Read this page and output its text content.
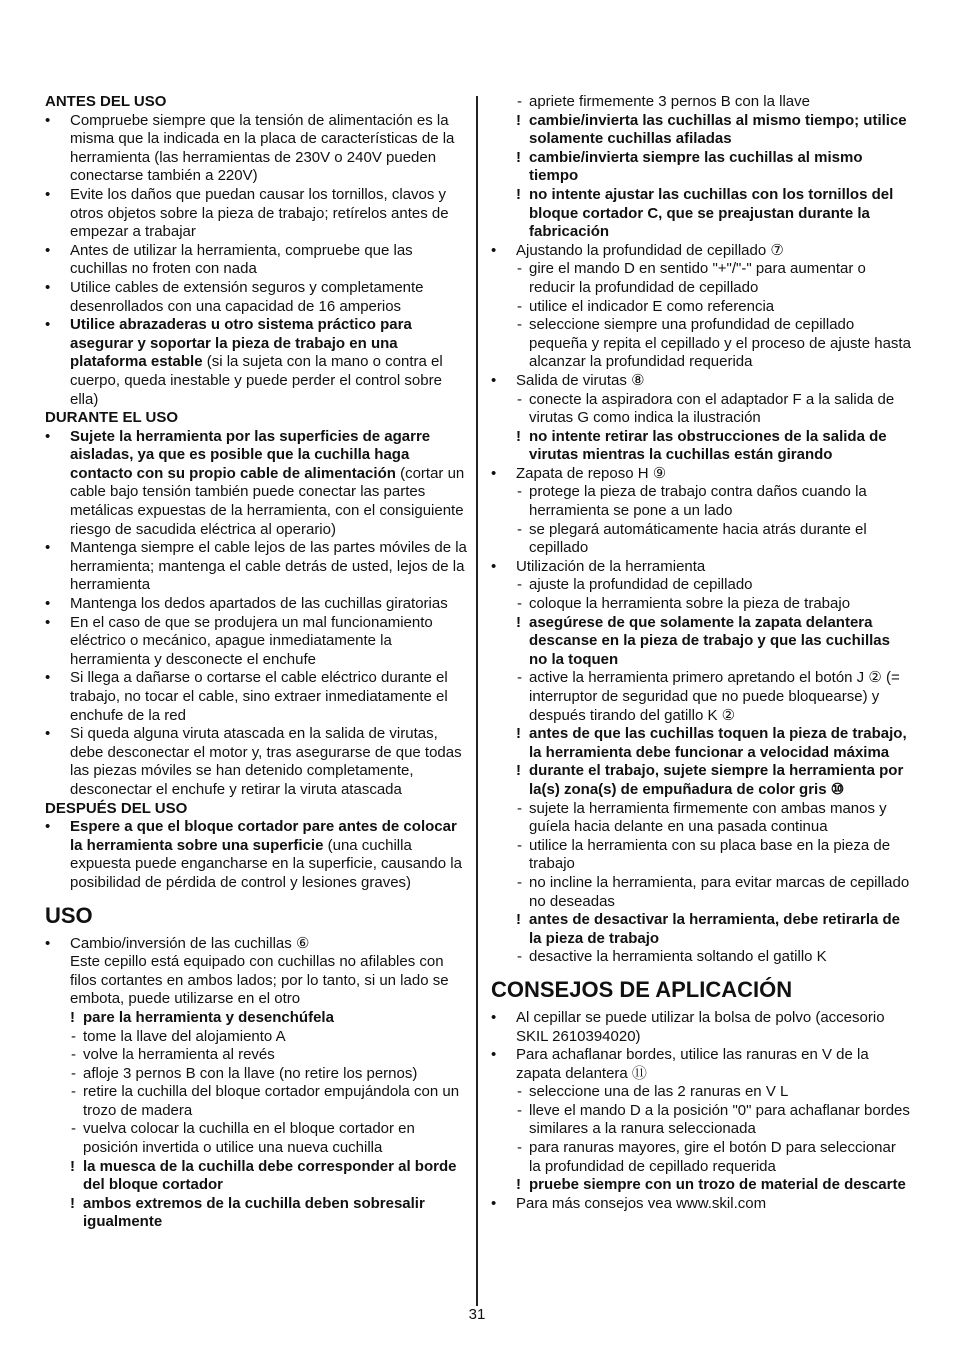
ANTES DEL USO
• Compruebe siempre que la tensión de alimentación es la misma que la indicada en la placa de características de la herramienta (las herramientas de 230V o 240V pueden conectarse también a 220V)
• Evite los daños que puedan causar los tornillos, clavos y otros objetos sobre la pieza de trabajo; retírelos antes de empezar a trabajar
• Antes de utilizar la herramienta, compruebe que las cuchillas no froten con nada
• Utilice cables de extensión seguros y completamente desenrollados con una capacidad de 16 amperios
• Utilice abrazaderas u otro sistema práctico para asegurar y soportar la pieza de trabajo en una plataforma estable (si la sujeta con la mano o contra el cuerpo, queda inestable y puede perder el control sobre ella)
DURANTE EL USO
• Sujete la herramienta por las superficies de agarre aisladas, ya que es posible que la cuchilla haga contacto con su propio cable de alimentación (cortar un cable bajo tensión también puede conectar las partes metálicas expuestas de la herramienta, con el consiguiente riesgo de sacudida eléctrica al operario)
• Mantenga siempre el cable lejos de las partes móviles de la herramienta; mantenga el cable detrás de usted, lejos de la herramienta
• Mantenga los dedos apartados de las cuchillas giratorias
• En el caso de que se produjera un mal funcionamiento eléctrico o mecánico, apague inmediatamente la herramienta y desconecte el enchufe
• Si llega a dañarse o cortarse el cable eléctrico durante el trabajo, no tocar el cable, sino extraer inmediatamente el enchufe de la red
• Si queda alguna viruta atascada en la salida de virutas, debe desconectar el motor y, tras asegurarse de que todas las piezas móviles se han detenido completamente, desconectar el enchufe y retirar la viruta atascada
DESPUÉS DEL USO
• Espere a que el bloque cortador pare antes de colocar la herramienta sobre una superficie (una cuchilla expuesta puede engancharse en la superficie, causando la posibilidad de pérdida de control y lesiones graves)
USO
• Cambio/inversión de las cuchillas ⑥
Este cepillo está equipado con cuchillas no afilables con filos cortantes en ambos lados; por lo tanto, si un lado se embota, puede utilizarse en el otro
! pare la herramienta y desenchúfela
- tome la llave del alojamiento A
- volve la herramienta al revés
- afloje 3 pernos B con la llave (no retire los pernos)
- retire la cuchilla del bloque cortador empujándola con un trozo de madera
- vuelva colocar la cuchilla en el bloque cortador en posición invertida o utilice una nueva cuchilla
! la muesca de la cuchilla debe corresponder al borde del bloque cortador
! ambos extremos de la cuchilla deben sobresalir igualmente
- apriete firmemente 3 pernos B con la llave
! cambie/invierta las cuchillas al mismo tiempo; utilice solamente cuchillas afiladas
! cambie/invierta siempre las cuchillas al mismo tiempo
! no intente ajustar las cuchillas con los tornillos del bloque cortador C, que se preajustan durante la fabricación
• Ajustando la profundidad de cepillado ⑦
- gire el mando D en sentido "+"/"-" para aumentar o reducir la profundidad de cepillado
- utilice el indicador E como referencia
- seleccione siempre una profundidad de cepillado pequeña y repita el cepillado y el proceso de ajuste hasta alcanzar la profundidad requerida
• Salida de virutas ⑧
- conecte la aspiradora con el adaptador F a la salida de virutas G como indica la ilustración
! no intente retirar las obstrucciones de la salida de virutas mientras la cuchillas están girando
• Zapata de reposo H ⑨
- protege la pieza de trabajo contra daños cuando la herramienta se pone a un lado
- se plegará automáticamente hacia atrás durante el cepillado
• Utilización de la herramienta
- ajuste la profundidad de cepillado
- coloque la herramienta sobre la pieza de trabajo
! asegúrese de que solamente la zapata delantera descanse en la pieza de trabajo y que las cuchillas no la toquen
- active la herramienta primero apretando el botón J ② (= interruptor de seguridad que no puede bloquearse) y después tirando del gatillo K ②
! antes de que las cuchillas toquen la pieza de trabajo, la herramienta debe funcionar a velocidad máxima
! durante el trabajo, sujete siempre la herramienta por la(s) zona(s) de empuñadura de color gris ⑩
- sujete la herramienta firmemente con ambas manos y guíela hacia delante en una pasada continua
- utilice la herramienta con su placa base en la pieza de trabajo
- no incline la herramienta, para evitar marcas de cepillado no deseadas
! antes de desactivar la herramienta, debe retirarla de la pieza de trabajo
- desactive la herramienta soltando el gatillo K
CONSEJOS DE APLICACIÓN
• Al cepillar se puede utilizar la bolsa de polvo (accesorio SKIL 2610394020)
• Para achaflanar bordes, utilice las ranuras en V de la zapata delantera ⑪
- seleccione una de las 2 ranuras en V L
- lleve el mando D a la posición "0" para achaflanar bordes similares a la ranura seleccionada
- para ranuras mayores, gire el botón D para seleccionar la profundidad de cepillado requerida
! pruebe siempre con un trozo de material de descarte
• Para más consejos vea www.skil.com
31
